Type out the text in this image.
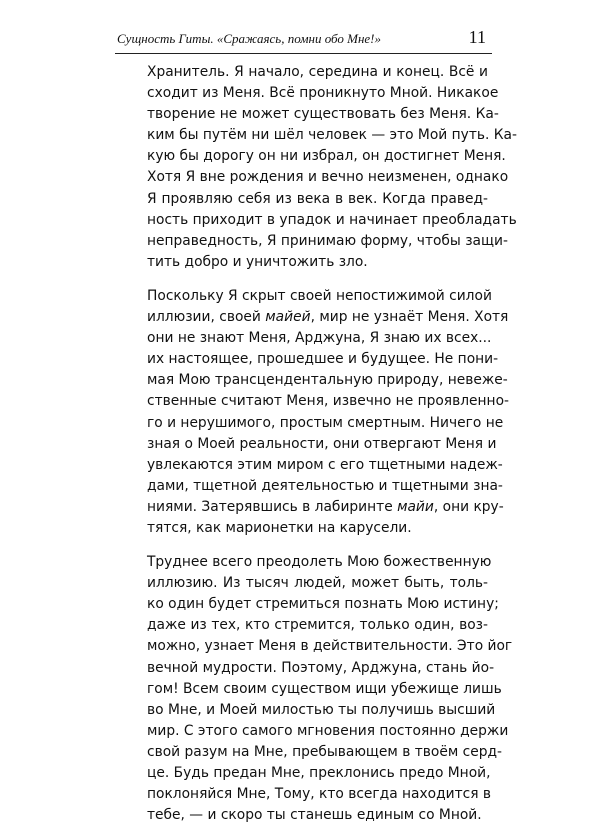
Сущность Гиты. «Сражаясь, помни обо Мне!»	11
Хранитель. Я начало, середина и конец. Всё и
сходит из Меня. Всё проникнуто Мной. Никакое
творение не может существовать без Меня. Ка-
ким бы путём ни шёл человек — это Мой путь. Ка-
кую бы дорогу он ни избрал, он достигнет Меня.
Хотя Я вне рождения и вечно неизменен, однако
Я проявляю себя из века в век. Когда правед-
ность приходит в упадок и начинает преобладать
неправедность, Я принимаю форму, чтобы защи-
тить добро и уничтожить зло.
Поскольку Я скрыт своей непостижимой силой
иллюзии, своей майей, мир не узнаёт Меня. Хотя
они не знают Меня, Арджуна, Я знаю их всех...
их настоящее, прошедшее и будущее. Не пони-
мая Мою трансцендентальную природу, невеже-
ственные считают Меня, извечно не проявленно-
го и нерушимого, простым смертным. Ничего не
зная о Моей реальности, они отвергают Меня и
увлекаются этим миром с его тщетными надеж-
дами, тщетной деятельностью и тщетными зна-
ниями. Затерявшись в лабиринте майи, они кру-
тятся, как марионетки на карусели.
Труднее всего преодолеть Мою божественную
иллюзию. Из тысяч людей, может быть, толь-
ко один будет стремиться познать Мою истину;
даже из тех, кто стремится, только один, воз-
можно, узнает Меня в действительности. Это йог
вечной мудрости. Поэтому, Арджуна, стань йо-
гом! Всем своим существом ищи убежище лишь
во Мне, и Моей милостью ты получишь высший
мир. С этого самого мгновения постоянно держи
свой разум на Мне, пребывающем в твоём серд-
це. Будь предан Мне, преклонись предо Мной,
поклоняйся Мне, Тому, кто всегда находится в
тебе, — и скоро ты станешь единым со Мной.
